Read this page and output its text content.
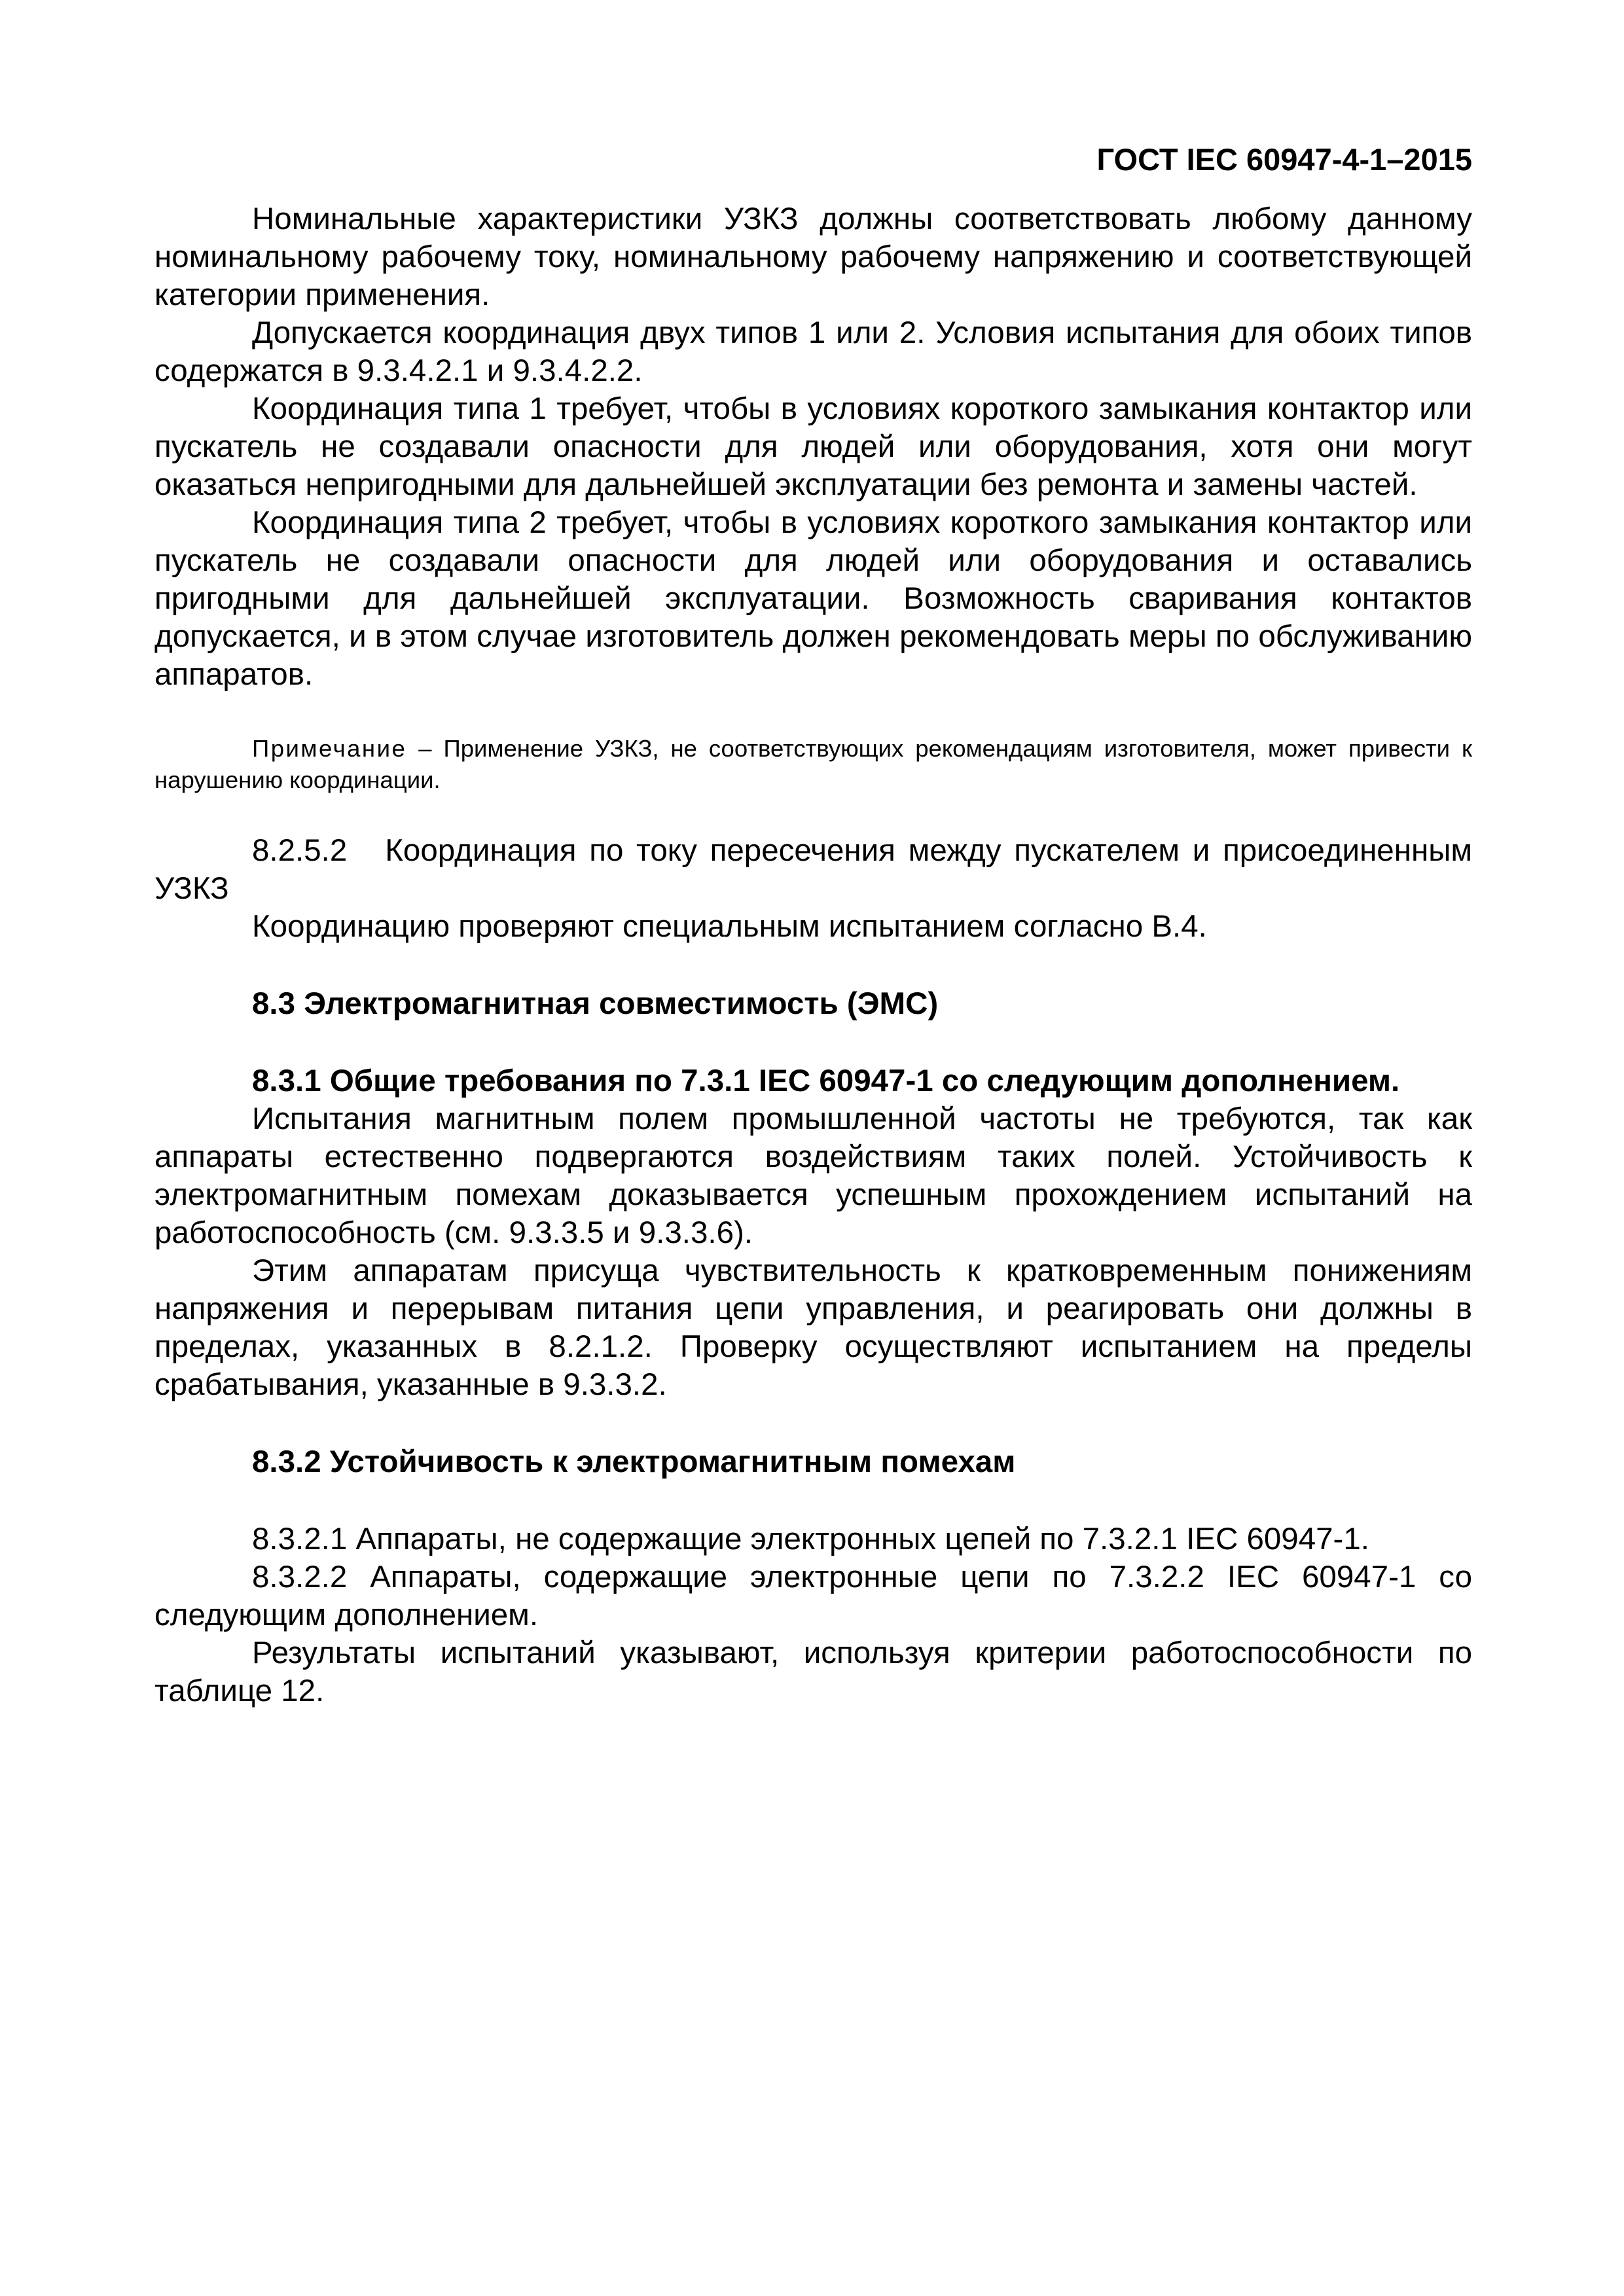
ГОСТ IEC 60947-4-1–2015

Номинальные характеристики УЗКЗ должны соответствовать любому данному номинальному рабочему току, номинальному рабочему напряжению и соответствующей категории применения.

Допускается координация двух типов 1 или 2. Условия испытания для обоих типов содержатся в 9.3.4.2.1 и 9.3.4.2.2.

Координация типа 1 требует, чтобы в условиях короткого замыкания контактор или пускатель не создавали опасности для людей или оборудования, хотя они могут оказаться непригодными для дальнейшей эксплуатации без ремонта и замены частей.

Координация типа 2 требует, чтобы в условиях короткого замыкания контактор или пускатель не создавали опасности для людей или оборудования и оставались пригодными для дальнейшей эксплуатации. Возможность сваривания контактов допускается, и в этом случае изготовитель должен рекомендовать меры по обслуживанию аппаратов.

Примечание – Применение УЗКЗ, не соответствующих рекомендациям изготовителя, может привести к нарушению координации.

8.2.5.2 Координация по току пересечения между пускателем и присоединенным УЗКЗ

Координацию проверяют специальным испытанием согласно В.4.

8.3 Электромагнитная совместимость (ЭМС)

8.3.1 Общие требования по 7.3.1 IEC 60947-1 со следующим дополнением.

Испытания магнитным полем промышленной частоты не требуются, так как аппараты естественно подвергаются воздействиям таких полей. Устойчивость к электромагнитным помехам доказывается успешным прохождением испытаний на работоспособность (см. 9.3.3.5 и 9.3.3.6).

Этим аппаратам присуща чувствительность к кратковременным понижениям напряжения и перерывам питания цепи управления, и реагировать они должны в пределах, указанных в 8.2.1.2. Проверку осуществляют испытанием на пределы срабатывания, указанные в 9.3.3.2.

8.3.2 Устойчивость к электромагнитным помехам

8.3.2.1 Аппараты, не содержащие электронных цепей по 7.3.2.1 IEC 60947-1.

8.3.2.2 Аппараты, содержащие электронные цепи по 7.3.2.2 IEC 60947-1 со следующим дополнением.

Результаты испытаний указывают, используя критерии работоспособности по таблице 12.
